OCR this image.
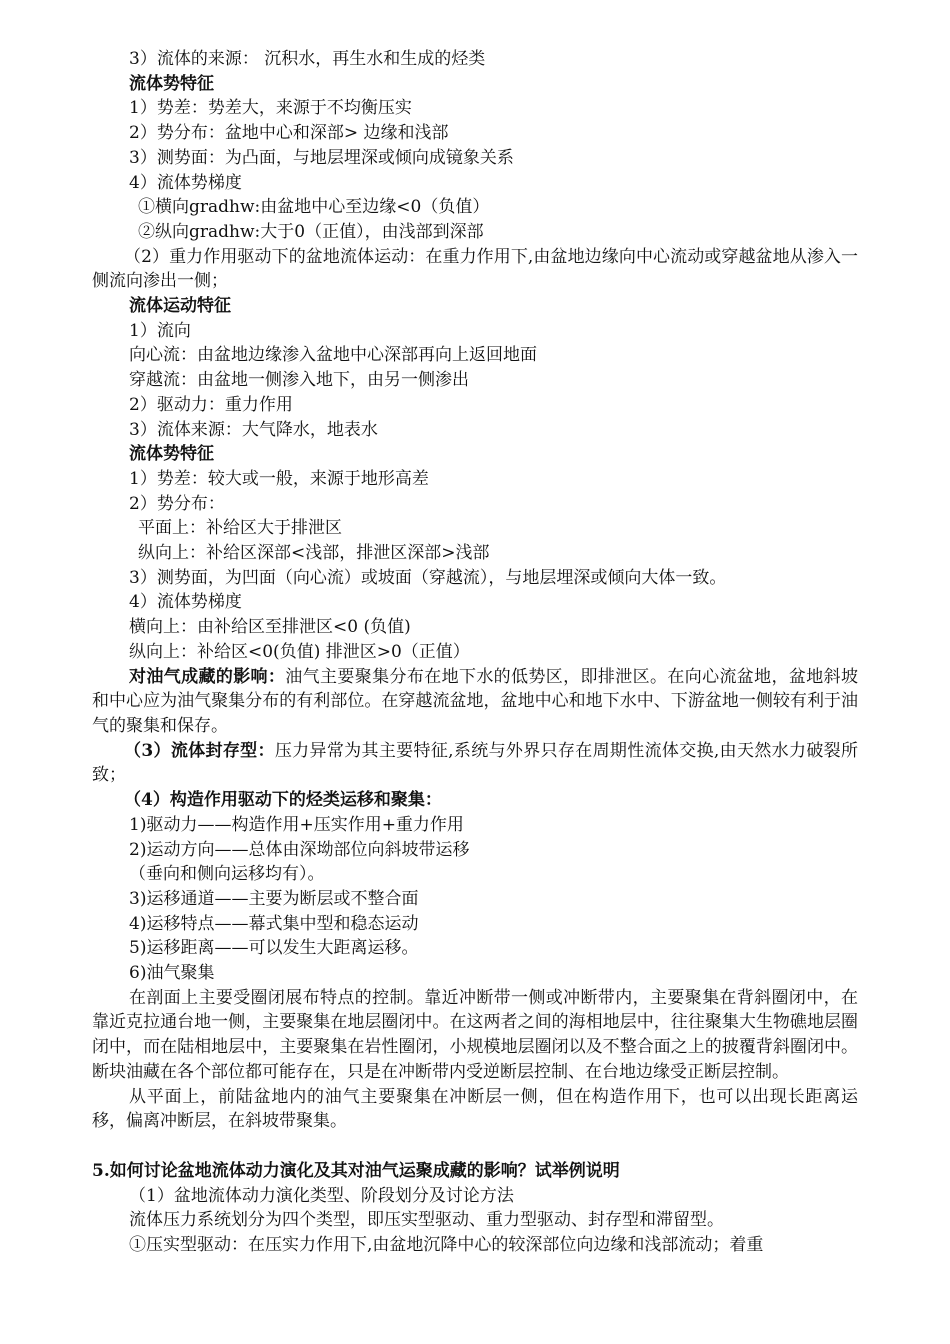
3）流体的来源： 沉积水，再生水和生成的烃类
流体势特征
1）势差：势差大，来源于不均衡压实
2）势分布：盆地中心和深部> 边缘和浅部
3）测势面：为凸面，与地层埋深或倾向成镜象关系
4）流体势梯度
①横向gradhw:由盆地中心至边缘<0（负值）
②纵向gradhw:大于0（正值），由浅部到深部
（2）重力作用驱动下的盆地流体运动：在重力作用下,由盆地边缘向中心流动或穿越盆地从渗入一侧流向渗出一侧；
流体运动特征
1）流向
向心流：由盆地边缘渗入盆地中心深部再向上返回地面
穿越流：由盆地一侧渗入地下，由另一侧渗出
2）驱动力：重力作用
3）流体来源：大气降水，地表水
流体势特征
1）势差：较大或一般，来源于地形高差
2）势分布：
平面上：补给区大于排泄区
纵向上：补给区深部<浅部，排泄区深部>浅部
3）测势面，为凹面（向心流）或坡面（穿越流），与地层埋深或倾向大体一致。
4）流体势梯度
横向上：由补给区至排泄区<0 (负值)
纵向上：补给区<0(负值) 排泄区>0（正值）
对油气成藏的影响：油气主要聚集分布在地下水的低势区，即排泄区。在向心流盆地，盆地斜坡和中心应为油气聚集分布的有利部位。在穿越流盆地，盆地中心和地下水中、下游盆地一侧较有利于油气的聚集和保存。
（3）流体封存型：压力异常为其主要特征,系统与外界只存在周期性流体交换,由天然水力破裂所致；
（4）构造作用驱动下的烃类运移和聚集：
1)驱动力——构造作用+压实作用+重力作用
2)运动方向——总体由深坳部位向斜坡带运移
（垂向和侧向运移均有）。
3)运移通道——主要为断层或不整合面
4)运移特点——幕式集中型和稳态运动
5)运移距离——可以发生大距离运移。
6)油气聚集
在剖面上主要受圈闭展布特点的控制。靠近冲断带一侧或冲断带内，主要聚集在背斜圈闭中，在靠近克拉通台地一侧，主要聚集在地层圈闭中。在这两者之间的海相地层中，往往聚集大生物礁地层圈闭中，而在陆相地层中，主要聚集在岩性圈闭，小规模地层圈闭以及不整合面之上的披覆背斜圈闭中。断块油藏在各个部位都可能存在，只是在冲断带内受逆断层控制、在台地边缘受正断层控制。
从平面上，前陆盆地内的油气主要聚集在冲断层一侧，但在构造作用下，也可以出现长距离运移，偏离冲断层，在斜坡带聚集。
5.如何讨论盆地流体动力演化及其对油气运聚成藏的影响？试举例说明
（1）盆地流体动力演化类型、阶段划分及讨论方法
流体压力系统划分为四个类型，即压实型驱动、重力型驱动、封存型和滞留型。
①压实型驱动：在压实力作用下,由盆地沉降中心的较深部位向边缘和浅部流动；着重
